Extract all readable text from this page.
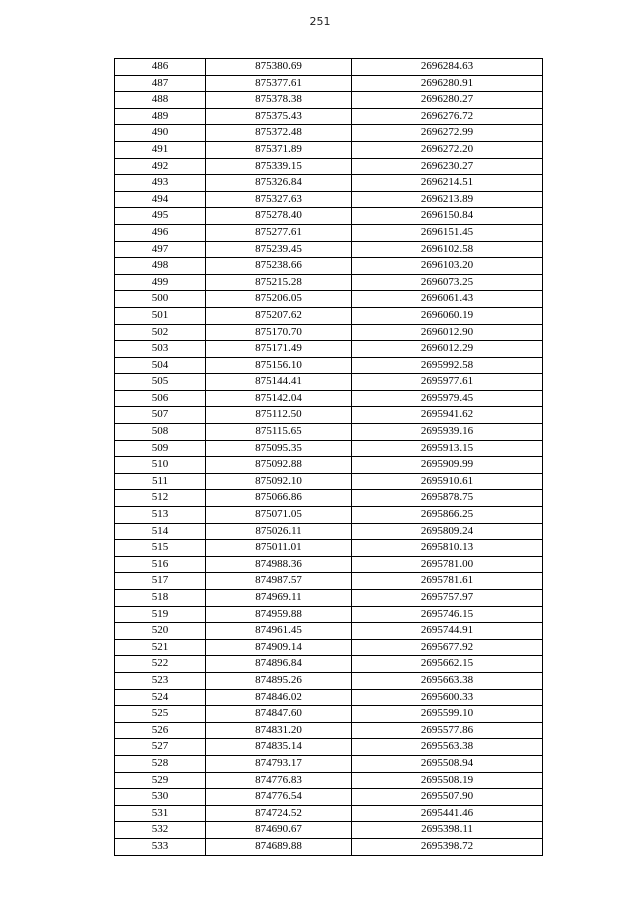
251
486	875380.69	2696284.63
487	875377.61	2696280.91
488	875378.38	2696280.27
489	875375.43	2696276.72
490	875372.48	2696272.99
491	875371.89	2696272.20
492	875339.15	2696230.27
493	875326.84	2696214.51
494	875327.63	2696213.89
495	875278.40	2696150.84
496	875277.61	2696151.45
497	875239.45	2696102.58
498	875238.66	2696103.20
499	875215.28	2696073.25
500	875206.05	2696061.43
501	875207.62	2696060.19
502	875170.70	2696012.90
503	875171.49	2696012.29
504	875156.10	2695992.58
505	875144.41	2695977.61
506	875142.04	2695979.45
507	875112.50	2695941.62
508	875115.65	2695939.16
509	875095.35	2695913.15
510	875092.88	2695909.99
511	875092.10	2695910.61
512	875066.86	2695878.75
513	875071.05	2695866.25
514	875026.11	2695809.24
515	875011.01	2695810.13
516	874988.36	2695781.00
517	874987.57	2695781.61
518	874969.11	2695757.97
519	874959.88	2695746.15
520	874961.45	2695744.91
521	874909.14	2695677.92
522	874896.84	2695662.15
523	874895.26	2695663.38
524	874846.02	2695600.33
525	874847.60	2695599.10
526	874831.20	2695577.86
527	874835.14	2695563.38
528	874793.17	2695508.94
529	874776.83	2695508.19
530	874776.54	2695507.90
531	874724.52	2695441.46
532	874690.67	2695398.11
533	874689.88	2695398.72
